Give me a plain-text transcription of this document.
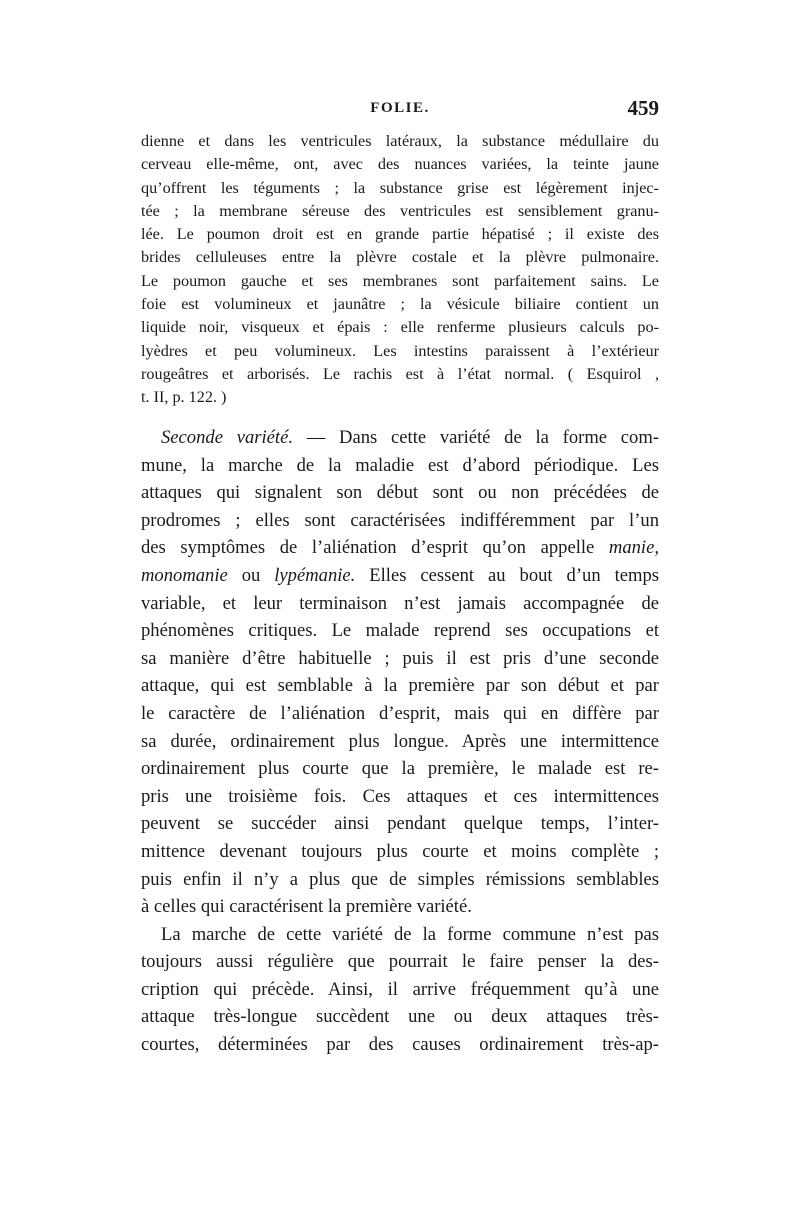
FOLIE.	459
dienne et dans les ventricules latéraux, la substance médullaire du
cerveau elle-même, ont, avec des nuances variées, la teinte jaune
qu’offrent les téguments ; la substance grise est légèrement injec-
tée ; la membrane séreuse des ventricules est sensiblement granu-
lée. Le poumon droit est en grande partie hépatisé ; il existe des
brides celluleuses entre la plèvre costale et la plèvre pulmonaire.
Le poumon gauche et ses membranes sont parfaitement sains. Le
foie est volumineux et jaunâtre ; la vésicule biliaire contient un
liquide noir, visqueux et épais : elle renferme plusieurs calculs po-
lyèdres et peu volumineux. Les intestins paraissent à l’extérieur
rougeâtres et arborisés. Le rachis est à l’état normal. ( Esquirol ,
t. II, p. 122. )
Seconde variété. — Dans cette variété de la forme com-
mune, la marche de la maladie est d’abord périodique. Les
attaques qui signalent son début sont ou non précédées de
prodromes ; elles sont caractérisées indifféremment par l’un
des symptômes de l’aliénation d’esprit qu’on appelle manie,
monomanie ou lypémanie. Elles cessent au bout d’un temps
variable, et leur terminaison n’est jamais accompagnée de
phénomènes critiques. Le malade reprend ses occupations et
sa manière d’être habituelle ; puis il est pris d’une seconde
attaque, qui est semblable à la première par son début et par
le caractère de l’aliénation d’esprit, mais qui en diffère par
sa durée, ordinairement plus longue. Après une intermittence
ordinairement plus courte que la première, le malade est re-
pris une troisième fois. Ces attaques et ces intermittences
peuvent se succéder ainsi pendant quelque temps, l’inter-
mittence devenant toujours plus courte et moins complète ;
puis enfin il n’y a plus que de simples rémissions semblables
à celles qui caractérisent la première variété.
La marche de cette variété de la forme commune n’est pas
toujours aussi régulière que pourrait le faire penser la des-
cription qui précède. Ainsi, il arrive fréquemment qu’à une
attaque très-longue succèdent une ou deux attaques très-
courtes, déterminées par des causes ordinairement très-ap-
